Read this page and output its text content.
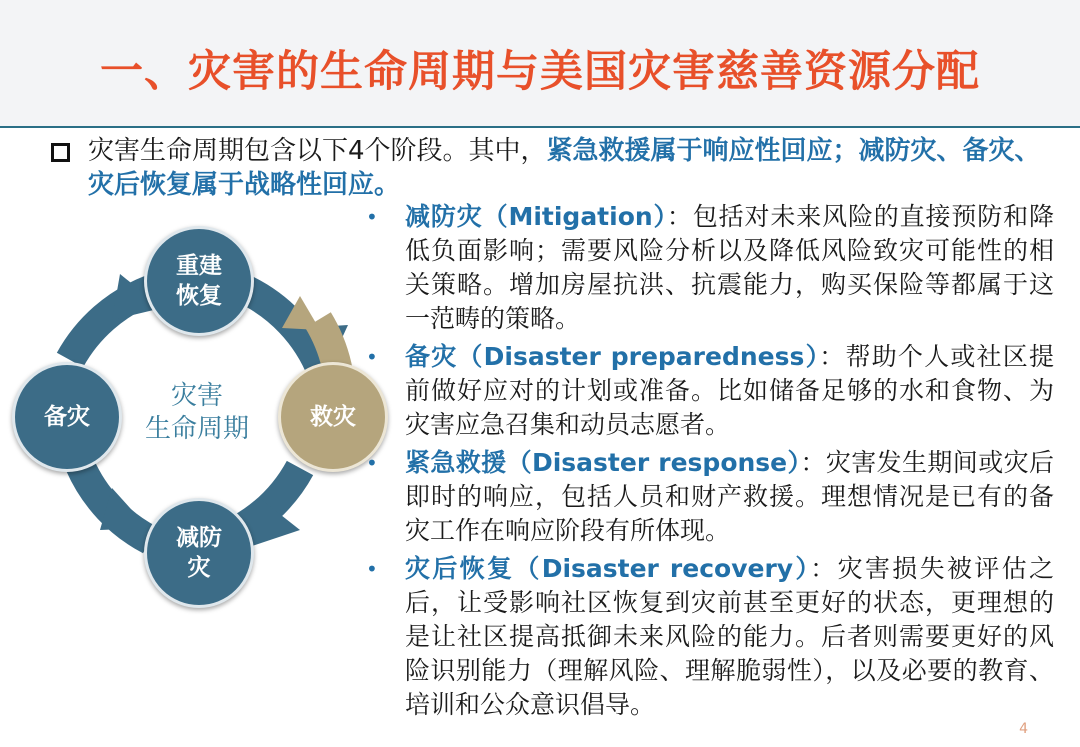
一、灾害的生命周期与美国灾害慈善资源分配
灾害生命周期包含以下4个阶段。其中，紧急救援属于响应性回应；减防灾、备灾、灾后恢复属于战略性回应。
重建
恢复
救灾
减防
灾
备灾
灾害
生命周期
• 减防灾（Mitigation）：包括对未来风险的直接预防和降低负面影响；需要风险分析以及降低风险致灾可能性的相关策略。增加房屋抗洪、抗震能力，购买保险等都属于这一范畴的策略。
• 备灾（Disaster preparedness）：帮助个人或社区提前做好应对的计划或准备。比如储备足够的水和食物、为灾害应急召集和动员志愿者。
• 紧急救援（Disaster response）：灾害发生期间或灾后即时的响应，包括人员和财产救援。理想情况是已有的备灾工作在响应阶段有所体现。
• 灾后恢复（Disaster recovery）：灾害损失被评估之后，让受影响社区恢复到灾前甚至更好的状态，更理想的是让社区提高抵御未来风险的能力。后者则需要更好的风险识别能力（理解风险、理解脆弱性），以及必要的教育、培训和公众意识倡导。
4
